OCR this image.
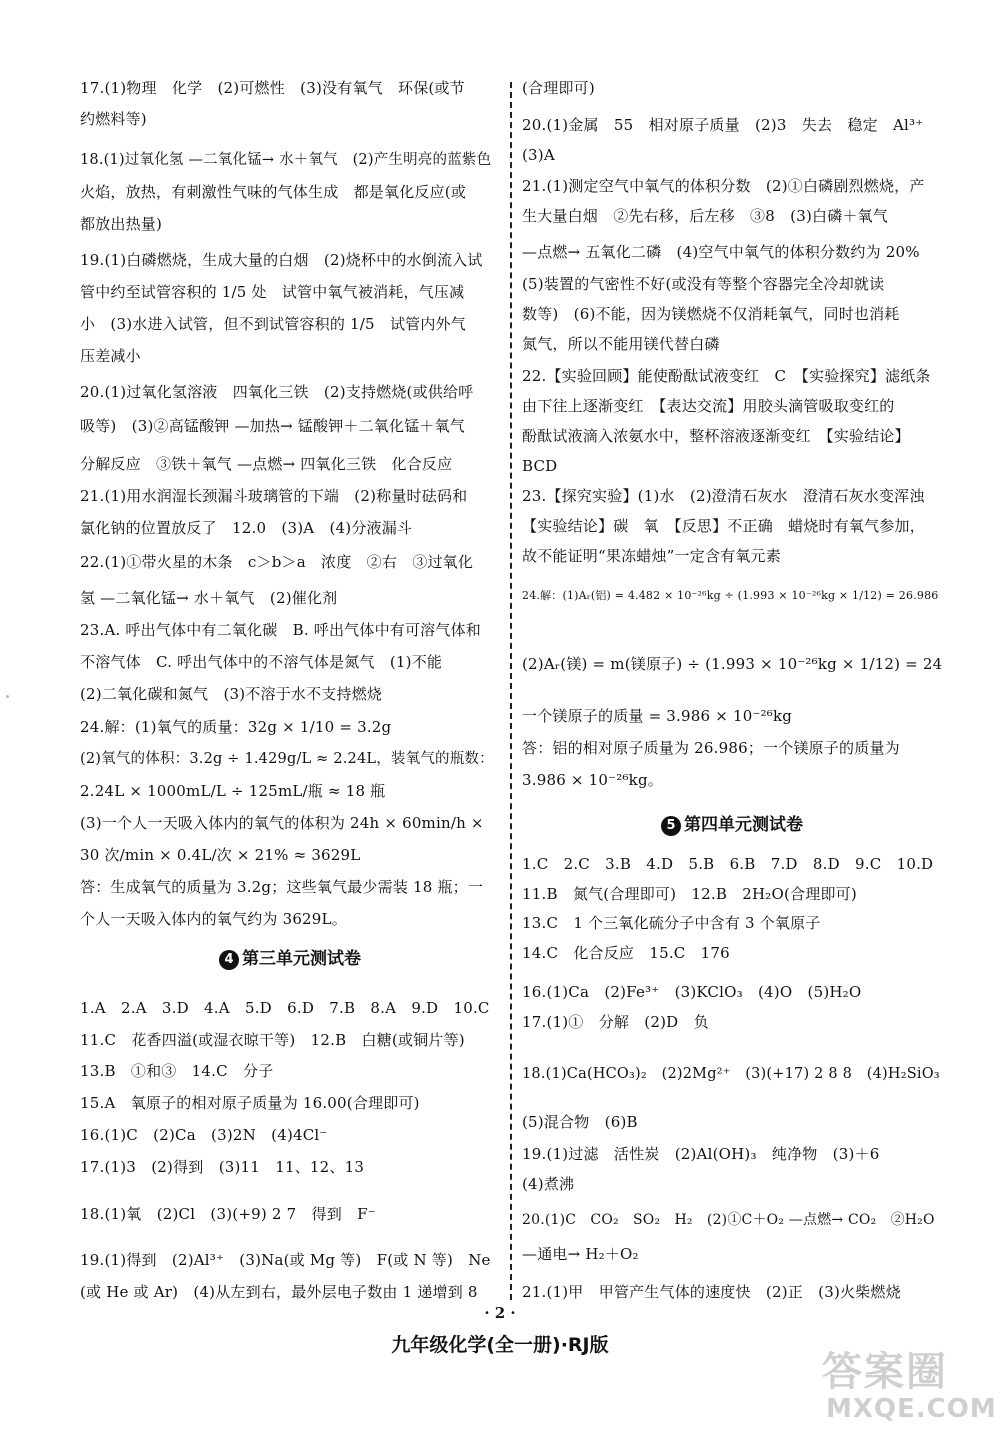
17.(1)物理　化学　(2)可燃性　(3)没有氧气　环保(或节
约燃料等)
18.(1)过氧化氢 —二氧化锰→ 水＋氧气　(2)产生明亮的蓝紫色
火焰，放热，有刺激性气味的气体生成　都是氧化反应(或
都放出热量)
19.(1)白磷燃烧，生成大量的白烟　(2)烧杯中的水倒流入试
管中约至试管容积的 1/5 处　试管中氧气被消耗，气压减
小　(3)水进入试管，但不到试管容积的 1/5　试管内外气
压差减小
20.(1)过氧化氢溶液　四氧化三铁　(2)支持燃烧(或供给呼
吸等)　(3)②高锰酸钾 —加热→ 锰酸钾＋二氧化锰＋氧气
分解反应　③铁＋氧气 —点燃→ 四氧化三铁　化合反应
21.(1)用水润湿长颈漏斗玻璃管的下端　(2)称量时砝码和
氯化钠的位置放反了　12.0　(3)A　(4)分液漏斗
22.(1)①带火星的木条　c＞b＞a　浓度　②右　③过氧化
氢 —二氧化锰→ 水＋氧气　(2)催化剂
23.A. 呼出气体中有二氧化碳　B. 呼出气体中有可溶气体和
不溶气体　C. 呼出气体中的不溶气体是氮气　(1)不能
(2)二氧化碳和氮气　(3)不溶于水不支持燃烧
24.解：(1)氧气的质量：32g × 1/10 = 3.2g
(2)氧气的体积：3.2g ÷ 1.429g/L ≈ 2.24L，装氧气的瓶数：
2.24L × 1000mL/L ÷ 125mL/瓶 ≈ 18 瓶
(3)一个人一天吸入体内的氧气的体积为 24h × 60min/h ×
30 次/min × 0.4L/次 × 21% ≈ 3629L
答：生成氧气的质量为 3.2g；这些氧气最少需装 18 瓶；一
个人一天吸入体内的氧气约为 3629L。
4 第三单元测试卷
1.A　2.A　3.D　4.A　5.D　6.D　7.B　8.A　9.D　10.C
11.C　花香四溢(或湿衣晾干等)　12.B　白糖(或铜片等)
13.B　①和③　14.C　分子
15.A　氧原子的相对原子质量为 16.00(合理即可)
16.(1)C　(2)Ca　(3)2N　(4)4Cl⁻
17.(1)3　(2)得到　(3)11　11、12、13
18.(1)氧　(2)Cl　(3)(+9) 2 7　得到　F⁻
19.(1)得到　(2)Al³⁺　(3)Na(或 Mg 等)　F(或 N 等)　Ne
(或 He 或 Ar)　(4)从左到右，最外层电子数由 1 递增到 8
(合理即可)
20.(1)金属　55　相对原子质量　(2)3　失去　稳定　Al³⁺
(3)A
21.(1)测定空气中氧气的体积分数　(2)①白磷剧烈燃烧，产
生大量白烟　②先右移，后左移　③8　(3)白磷＋氧气
—点燃→ 五氧化二磷　(4)空气中氧气的体积分数约为 20%
(5)装置的气密性不好(或没有等整个容器完全冷却就读
数等)　(6)不能，因为镁燃烧不仅消耗氧气，同时也消耗
氮气，所以不能用镁代替白磷
22.【实验回顾】能使酚酞试液变红　C　【实验探究】滤纸条
由下往上逐渐变红　【表达交流】用胶头滴管吸取变红的
酚酞试液滴入浓氨水中，整杯溶液逐渐变红　【实验结论】
BCD
23.【探究实验】(1)水　(2)澄清石灰水　澄清石灰水变浑浊
【实验结论】碳　氧　【反思】不正确　蜡烧时有氧气参加，
故不能证明“果冻蜡烛”一定含有氧元素
24.解：(1)Aᵣ(铝) = 4.482 × 10⁻²⁶kg ÷ (1.993 × 10⁻²⁶kg × 1/12) = 26.986
(2)Aᵣ(镁) = m(镁原子) ÷ (1.993 × 10⁻²⁶kg × 1/12) = 24
一个镁原子的质量 = 3.986 × 10⁻²⁶kg
答：铝的相对原子质量为 26.986；一个镁原子的质量为
3.986 × 10⁻²⁶kg。
5 第四单元测试卷
1.C　2.C　3.B　4.D　5.B　6.B　7.D　8.D　9.C　10.D
11.B　氮气(合理即可)　12.B　2H₂O(合理即可)
13.C　1 个三氧化硫分子中含有 3 个氧原子
14.C　化合反应　15.C　176
16.(1)Ca　(2)Fe³⁺　(3)KClO₃　(4)O　(5)H₂O
17.(1)①　分解　(2)D　负
18.(1)Ca(HCO₃)₂　(2)2Mg²⁺　(3)(+17) 2 8 8　(4)H₂SiO₃
(5)混合物　(6)B
19.(1)过滤　活性炭　(2)Al(OH)₃　纯净物　(3)＋6
(4)煮沸
20.(1)C　CO₂　SO₂　H₂　(2)①C＋O₂ —点燃→ CO₂　②H₂O
—通电→ H₂＋O₂
21.(1)甲　甲管产生气体的速度快　(2)正　(3)火柴燃烧
· 2 ·
九年级化学(全一册)·RJ版
答案圈
MXQE.COM
